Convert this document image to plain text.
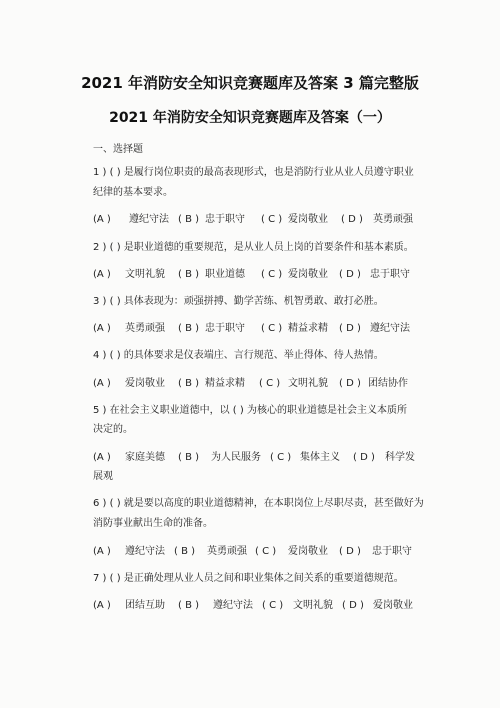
2021 年消防安全知识竞赛题库及答案 3 篇完整版
2021 年消防安全知识竞赛题库及答案（一）
一、选择题
1 ) ( ) 是履行岗位职责的最高表现形式，也是消防行业从业人员遵守职业
纪律的基本要求。
(A ) 遵纪守法 ( B ) 忠于职守 ( C ) 爱岗敬业 ( D ) 英勇顽强
2 ) ( ) 是职业道德的重要规范，是从业人员上岗的首要条件和基本素质。
(A ) 文明礼貌 ( B ) 职业道德 ( C ) 爱岗敬业 ( D ) 忠于职守
3 ) ( ) 具体表现为：顽强拼搏、勤学苦练、机智勇敢、敢打必胜。
(A ) 英勇顽强 ( B ) 忠于职守 ( C ) 精益求精 ( D ) 遵纪守法
4 ) ( ) 的具体要求是仪表端庄、言行规范、举止得体、待人热情。
(A ) 爱岗敬业 ( B ) 精益求精 ( C ) 文明礼貌 ( D ) 团结协作
5 ) 在社会主义职业道德中，以 ( ) 为核心的职业道德是社会主义本质所
决定的。
(A ) 家庭美德 ( B ) 为人民服务 ( C ) 集体主义 ( D ) 科学发
展观
6 ) ( ) 就是要以高度的职业道德精神，在本职岗位上尽职尽责，甚至做好为
消防事业献出生命的准备。
(A ) 遵纪守法 ( B ) 英勇顽强 ( C ) 爱岗敬业 ( D ) 忠于职守
7 ) ( ) 是正确处理从业人员之间和职业集体之间关系的重要道德规范。
(A ) 团结互助 ( B ) 遵纪守法 ( C ) 文明礼貌 ( D ) 爱岗敬业
